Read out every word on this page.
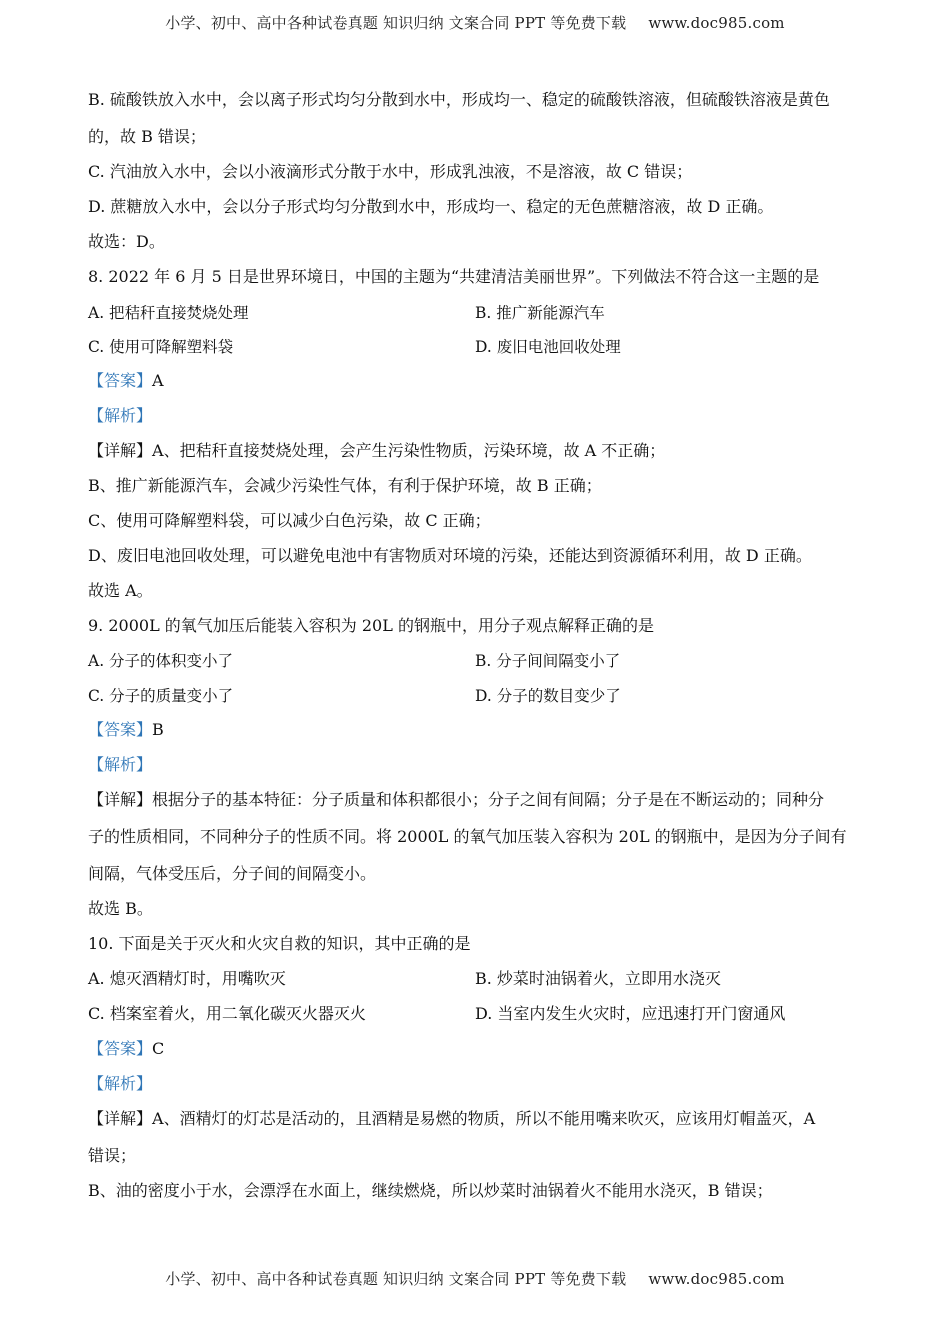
小学、初中、高中各种试卷真题 知识归纳 文案合同 PPT 等免费下载 www.doc985.com
B. 硫酸铁放入水中，会以离子形式均匀分散到水中，形成均一、稳定的硫酸铁溶液，但硫酸铁溶液是黄色
的，故 B 错误；
C. 汽油放入水中，会以小液滴形式分散于水中，形成乳浊液，不是溶液，故 C 错误；
D. 蔗糖放入水中，会以分子形式均匀分散到水中，形成均一、稳定的无色蔗糖溶液，故 D 正确。
故选：D。
8. 2022 年 6 月 5 日是世界环境日，中国的主题为“共建清洁美丽世界”。下列做法不符合这一主题的是
A. 把秸秆直接焚烧处理	B. 推广新能源汽车
C. 使用可降解塑料袋	D. 废旧电池回收处理
【答案】A
【解析】
【详解】A、把秸秆直接焚烧处理，会产生污染性物质，污染环境，故 A 不正确；
B、推广新能源汽车，会减少污染性气体，有利于保护环境，故 B 正确；
C、使用可降解塑料袋，可以减少白色污染，故 C 正确；
D、废旧电池回收处理，可以避免电池中有害物质对环境的污染，还能达到资源循环利用，故 D 正确。
故选 A。
9. 2000L 的氧气加压后能装入容积为 20L 的钢瓶中，用分子观点解释正确的是
A. 分子的体积变小了	B. 分子间间隔变小了
C. 分子的质量变小了	D. 分子的数目变少了
【答案】B
【解析】
【详解】根据分子的基本特征：分子质量和体积都很小；分子之间有间隔；分子是在不断运动的；同种分
子的性质相同，不同种分子的性质不同。将 2000L 的氧气加压装入容积为 20L 的钢瓶中，是因为分子间有
间隔，气体受压后，分子间的间隔变小。
故选 B。
10. 下面是关于灭火和火灾自救的知识，其中正确的是
A. 熄灭酒精灯时，用嘴吹灭	B. 炒菜时油锅着火，立即用水浇灭
C. 档案室着火，用二氧化碳灭火器灭火	D. 当室内发生火灾时，应迅速打开门窗通风
【答案】C
【解析】
【详解】A、酒精灯的灯芯是活动的，且酒精是易燃的物质，所以不能用嘴来吹灭，应该用灯帽盖灭，A
错误；
B、油的密度小于水，会漂浮在水面上，继续燃烧，所以炒菜时油锅着火不能用水浇灭，B 错误；
小学、初中、高中各种试卷真题 知识归纳 文案合同 PPT 等免费下载 www.doc985.com
